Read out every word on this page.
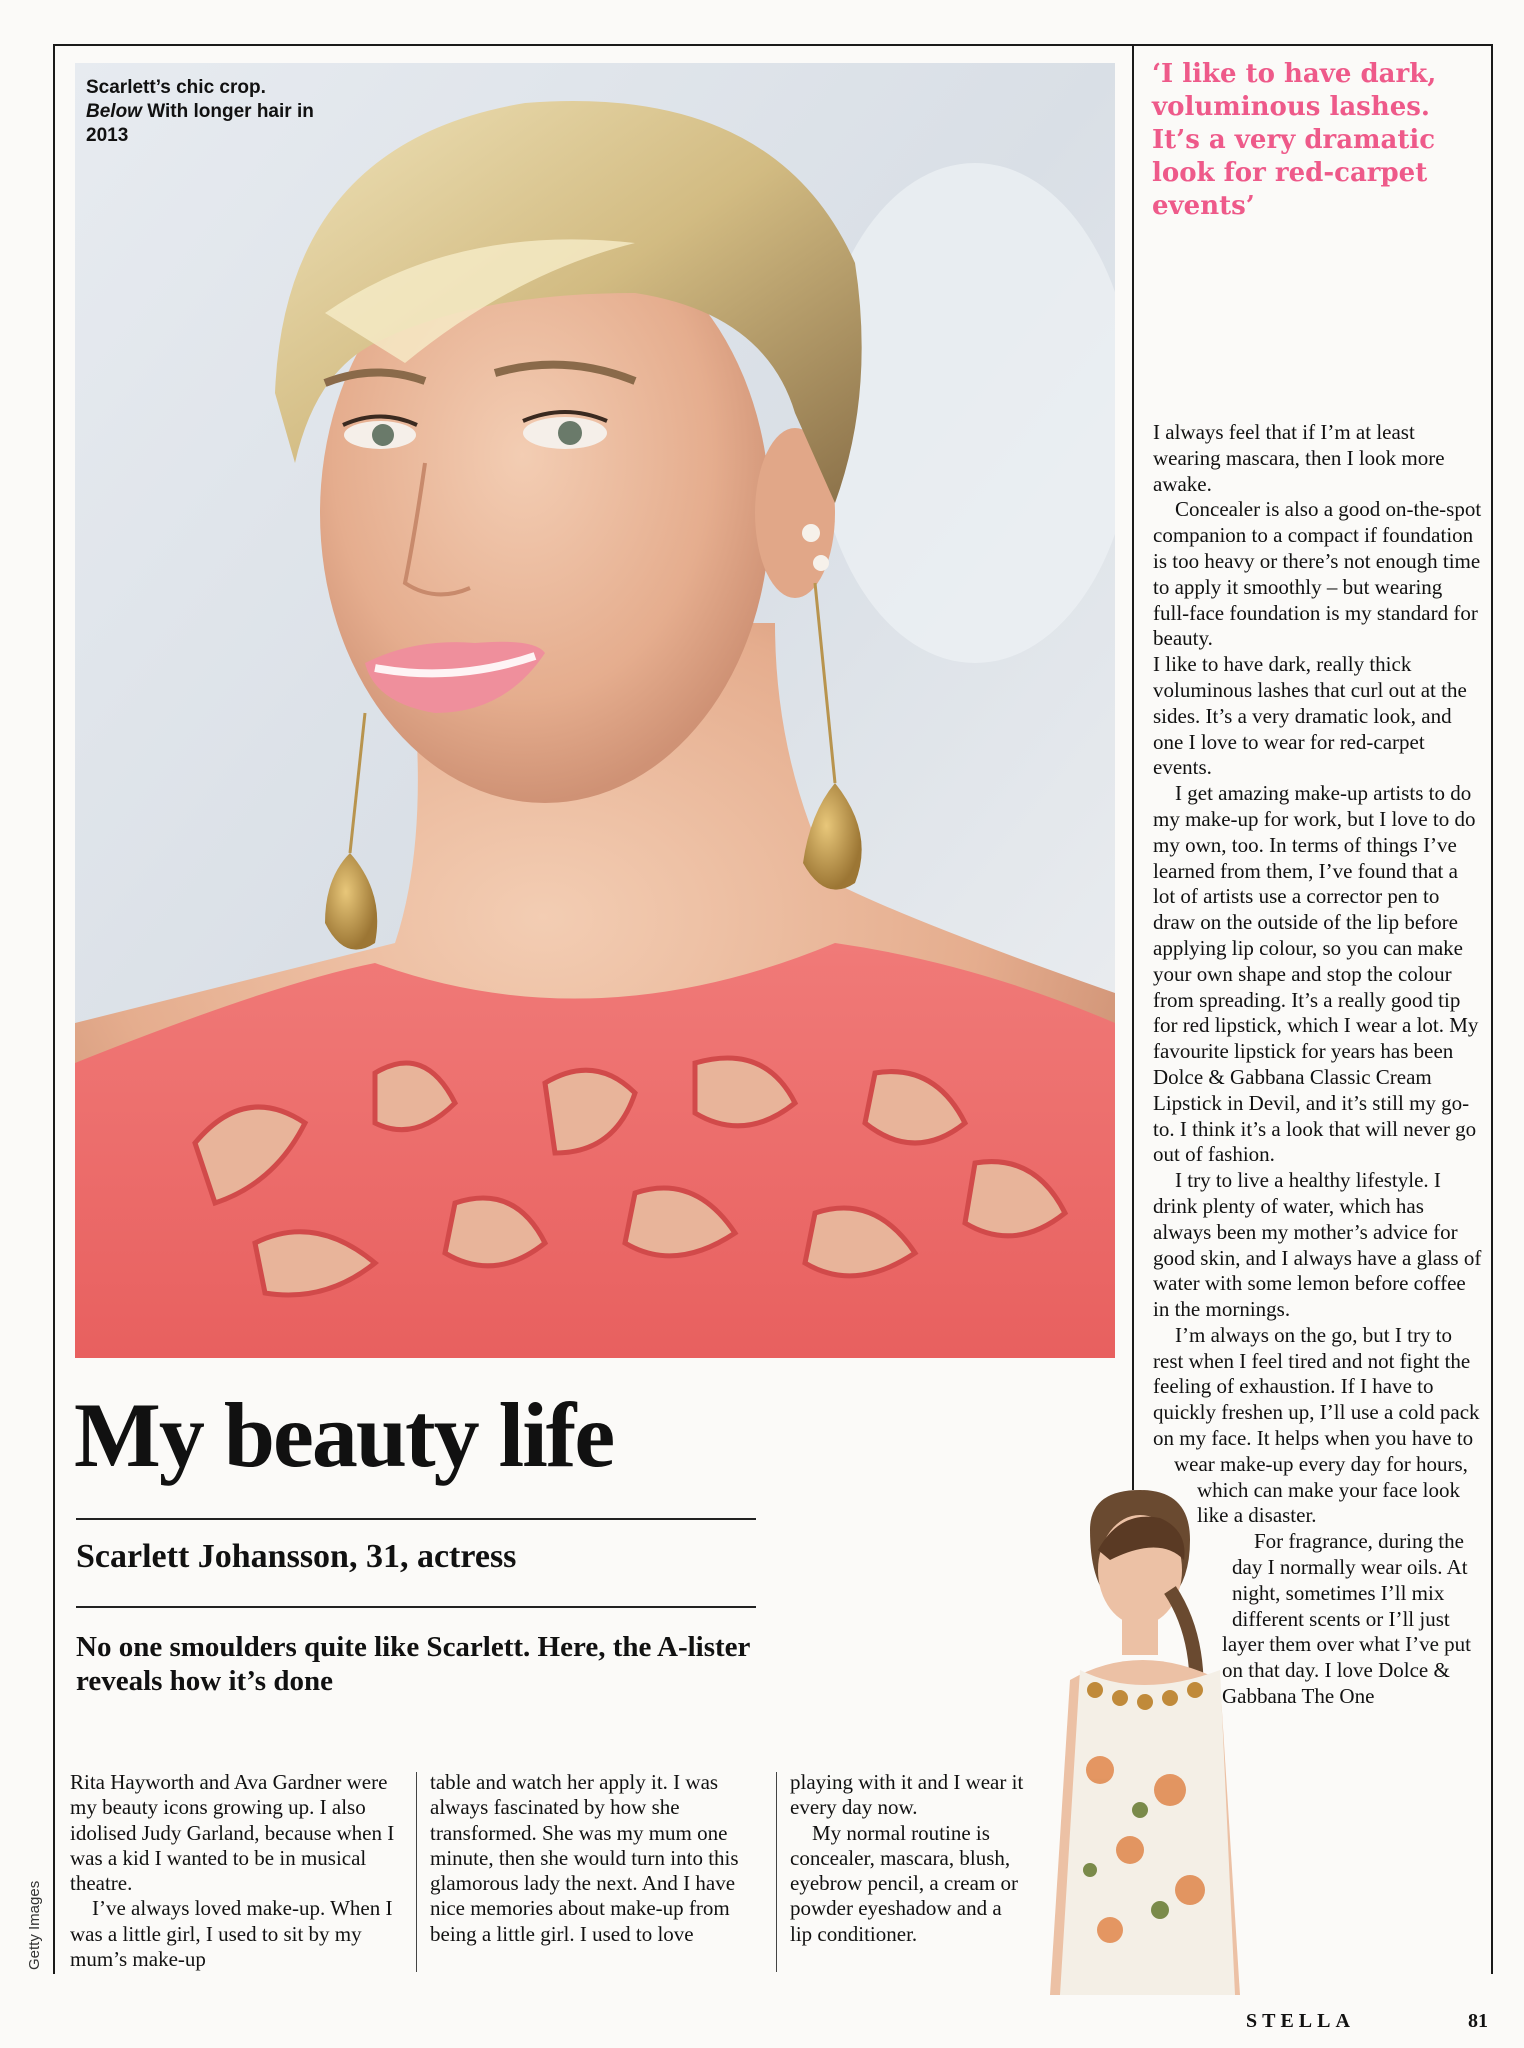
Scarlett’s chic crop.
Below With longer hair in 2013
Getty Images
‘I like to have dark, voluminous lashes. It’s a very dramatic look for red-carpet events’
My beauty life
Scarlett Johansson, 31, actress
No one smoulders quite like Scarlett. Here, the A-lister reveals how it’s done

Rita Hayworth and Ava Gardner were my beauty icons growing up. I also idolised Judy Garland, because when I was a kid I wanted to be in musical theatre.

I’ve always loved make-up. When I was a little girl, I used to sit by my mum’s make-up

table and watch her apply it. I was always fascinated by how she transformed. She was my mum one minute, then she would turn into this glamorous lady the next. And I have nice memories about make-up from being a little girl. I used to love

playing with it and I wear it every day now.

My normal routine is concealer, mascara, blush, eyebrow pencil, a cream or powder eyeshadow and a lip conditioner.

I always feel that if I’m at least wearing mascara, then I look more awake.

Concealer is also a good on-the-spot companion to a compact if foundation is too heavy or there’s not enough time to apply it smoothly – but wearing full-face foundation is my standard for beauty.

I like to have dark, really thick voluminous lashes that curl out at the sides. It’s a very dramatic look, and one I love to wear for red-carpet events.

I get amazing make-up artists to do my make-up for work, but I love to do my own, too. In terms of things I’ve learned from them, I’ve found that a lot of artists use a corrector pen to draw on the outside of the lip before applying lip colour, so you can make your own shape and stop the colour from spreading. It’s a really good tip for red lipstick, which I wear a lot. My favourite lipstick for years has been Dolce & Gabbana Classic Cream Lipstick in Devil, and it’s still my go-to. I think it’s a look that will never go out of fashion.

I try to live a healthy lifestyle. I drink plenty of water, which has always been my mother’s advice for good skin, and I always have a glass of water with some lemon before coffee in the mornings.

I’m always on the go, but I try to rest when I feel tired and not fight the feeling of exhaustion. If I have to quickly freshen up, I’ll use a cold pack on my face. It helps when you have to wear make-up every day for hours, which can make your face look like a disaster.

For fragrance, during the day I normally wear oils. At night, sometimes I’ll mix different scents or I’ll just layer them over what I’ve put on that day. I love Dolce & Gabbana The One

STELLA	81
